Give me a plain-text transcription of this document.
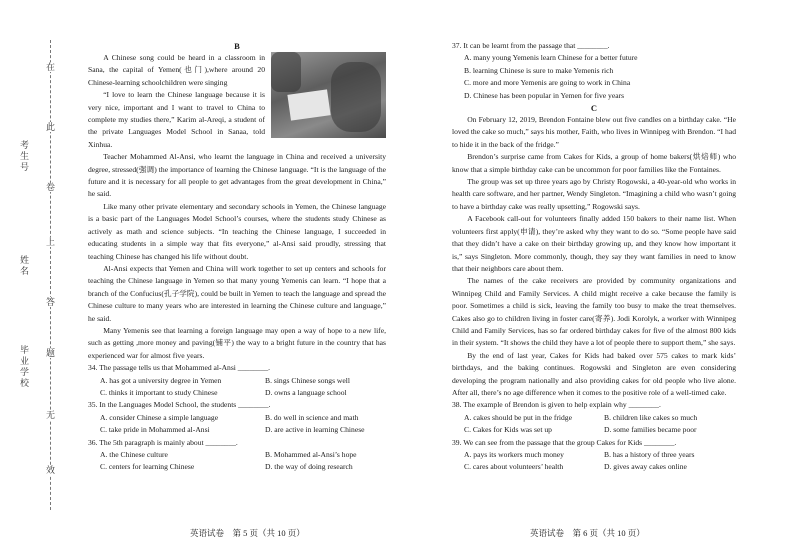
考生号
姓名
毕业学校
在
此
卷
上
答
题
无
效

B

A Chinese song could be heard in a classroom in Sana, the capital of Yemen(也门),where around 20 Chinese-learning schoolchildren were singing

“I love to learn the Chinese language because it is very nice, important and I want to travel to China to complete my studies there,” Karim al-Areqi, a student of the private Languages Model School in Sanaa, told Xinhua.

Teacher Mohammed Al-Ansi, who learnt the language in China and received a university degree, stressed(强调) the importance of learning the Chinese language. “It is the language of the future and it is necessary for all people to get advantages from the great development in China,” he said.

Like many other private elementary and secondary schools in Yemen, the Chinese language is a basic part of the Languages Model School’s courses, where the students study Chinese as actively as math and science subjects. “In teaching the Chinese language, I succeeded in educating students in a simple way that fits everyone,” al-Ansi said proudly, stressing that teaching Chinese has changed his life without doubt.

Al-Ansi expects that Yemen and China will work together to set up centers and schools for teaching the Chinese language in Yemen so that many young Yemenis can learn. “I hope that a branch of the Confucius(孔子学院), could be built in Yemen to teach the language and spread the Chinese culture to many years who are interested in learning the Chinese culture and language,” he said.

Many Yemenis see that learning a foreign language may open a way of hope to a new life, such as getting ,more money and paving(铺平) the way to a bright future in the country that has experienced war for almost five years.

34. The passage tells us that Mohammed al-Ansi ________.

A. has got a university degree in Yemen	B. sings Chinese songs well
C. thinks it important to study Chinese	D. owns a language school

35. In the Languages Model School, the students ________.

A. consider Chinese a simple language	B. do well in science and math
C. take pride in Mohammed al-Ansi	D. are active in learning Chinese

36. The 5th paragraph is mainly about ________.

A. the Chinese culture	B. Mohammed al-Ansi’s hope
C. centers for learning Chinese	D. the way of doing research
英语试卷　第 5 页（共 10 页）

37. It can be learnt from the passage that ________.

A. many young Yemenis learn Chinese for a better future

B. learning Chinese is sure to make Yemenis rich

C. more and more Yemenis are going to work in China

D. Chinese has been popular in Yemen for five years

C

On February 12, 2019, Brendon Fontaine blew out five candles on a birthday cake. “He loved the cake so much,” says his mother, Faith, who lives in Winnipeg with Brendon. “I had to hide it in the back of the fridge.”

Brendon’s surprise came from Cakes for Kids, a group of home bakers(烘焙师) who know that a simple birthday cake can be uncommon for poor families like the Fontaines.

The group was set up three years ago by Christy Rogowski, a 40-year-old who works in health care software, and her partner, Wendy Singleton. “Imagining a child who wasn’t going to have a birthday cake was really upsetting,” Rogowski says.

A Facebook call-out for volunteers finally added 150 bakers to their name list. When volunteers first apply(申请), they’re asked why they want to do so. “Some people have said that they didn’t have a cake on their birthday growing up, and they know how important it is,” says Singleton. More commonly, though, they say they want families in need to know that their neighbors care about them.

The names of the cake receivers are provided by community organizations and Winnipeg Child and Family Services. A child might receive a cake because the family is poor. Sometimes a child is sick, leaving the family too busy to make the treat themselves. Cakes also go to children living in foster care(寄养). Jodi Korolyk, a worker with Winnipeg Child and Family Services, has so far ordered birthday cakes for five of the almost 800 kids in their system. “It shows the child they have a lot of people there to support them,” she says.

By the end of last year, Cakes for Kids had baked over 575 cakes to mark kids’ birthdays, and the baking continues. Rogowski and Singleton are even considering developing the program nationally and also providing cakes for old people who live alone. After all, there’s no age difference when it comes to the positive role of a well-timed cake.

38. The example of Brendon is given to help explain why ________.

A. cakes should be put in the fridge	B. children like cakes so much
C. Cakes for Kids was set up	D. some families became poor

39. We can see from the passage that the group Cakes for Kids ________.

A. pays its workers much money	B. has a history of three years
C. cares about volunteers’ health	D. gives away cakes online
英语试卷　第 6 页（共 10 页）
